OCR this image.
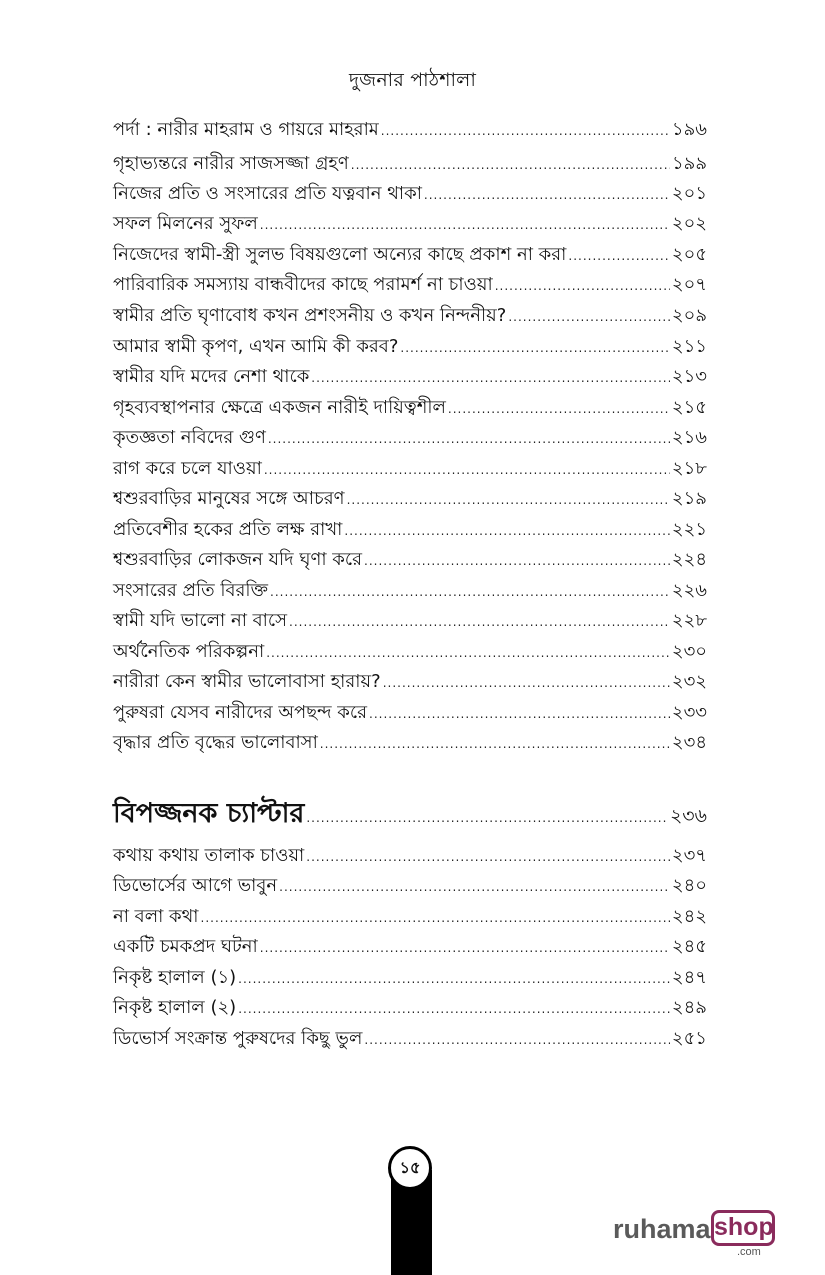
দুজনার পাঠশালা
পর্দা : নারীর মাহরাম ও গায়রে মাহরাম .....	১৯৬
গৃহাভ্যন্তরে নারীর সাজসজ্জা গ্রহণ .....	১৯৯
নিজের প্রতি ও সংসারের প্রতি যত্নবান থাকা .....	২০১
সফল মিলনের সুফল .....	২০২
নিজেদের স্বামী-স্ত্রী সুলভ বিষয়গুলো অন্যের কাছে প্রকাশ না করা .....	২০৫
পারিবারিক সমস্যায় বান্ধবীদের কাছে পরামর্শ না চাওয়া .....	২০৭
স্বামীর প্রতি ঘৃণাবোধ কখন প্রশংসনীয় ও কখন নিন্দনীয়? .....	২০৯
আমার স্বামী কৃপণ, এখন আমি কী করব? .....	২১১
স্বামীর যদি মদের নেশা থাকে .....	২১৩
গৃহব্যবস্থাপনার ক্ষেত্রে একজন নারীই দায়িত্বশীল .....	২১৫
কৃতজ্ঞতা নবিদের গুণ .....	২১৬
রাগ করে চলে যাওয়া .....	২১৮
শ্বশুরবাড়ির মানুষের সঙ্গে আচরণ .....	২১৯
প্রতিবেশীর হকের প্রতি লক্ষ রাখা .....	২২১
শ্বশুরবাড়ির লোকজন যদি ঘৃণা করে .....	২২৪
সংসারের প্রতি বিরক্তি .....	২২৬
স্বামী যদি ভালো না বাসে .....	২২৮
অর্থনৈতিক পরিকল্পনা .....	২৩০
নারীরা কেন স্বামীর ভালোবাসা হারায়? .....	২৩২
পুরুষরা যেসব নারীদের অপছন্দ করে .....	২৩৩
বৃদ্ধার প্রতি বৃদ্ধের ভালোবাসা .....	২৩৪
বিপজ্জনক চ্যাপ্টার .....	২৩৬
কথায় কথায় তালাক চাওয়া .....	২৩৭
ডিভোর্সের আগে ভাবুন .....	২৪০
না বলা কথা .....	২৪২
একটি চমকপ্রদ ঘটনা .....	২৪৫
নিকৃষ্ট হালাল (১) .....	২৪৭
নিকৃষ্ট হালাল (২) .....	২৪৯
ডিভোর্স সংক্রান্ত পুরুষদের কিছু ভুল .....	২৫১
১৫
ruhama shop
.com
